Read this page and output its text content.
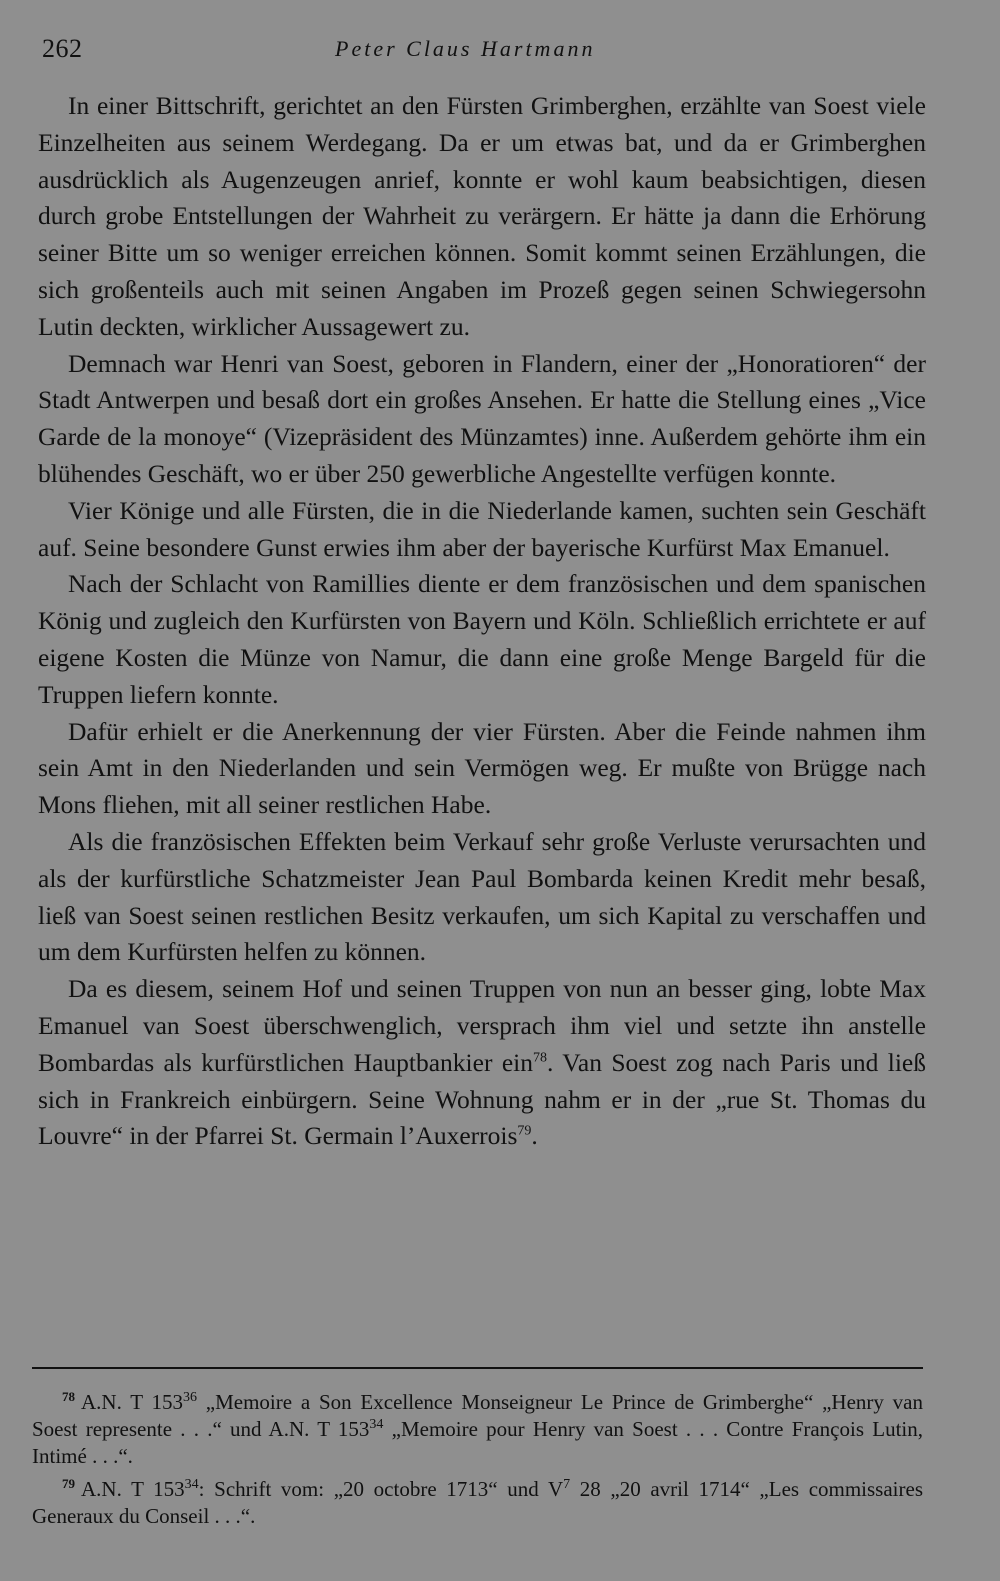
262	Peter Claus Hartmann

In einer Bittschrift, gerichtet an den Fürsten Grimberghen, erzählte van Soest viele Einzelheiten aus seinem Werdegang. Da er um etwas bat, und da er Grimberghen ausdrücklich als Augenzeugen anrief, konnte er wohl kaum beabsichtigen, diesen durch grobe Entstellungen der Wahrheit zu verärgern. Er hätte ja dann die Erhörung seiner Bitte um so weniger erreichen können. Somit kommt seinen Erzählungen, die sich großenteils auch mit seinen Angaben im Prozeß gegen seinen Schwiegersohn Lutin deckten, wirklicher Aussagewert zu.

Demnach war Henri van Soest, geboren in Flandern, einer der „Honoratioren“ der Stadt Antwerpen und besaß dort ein großes Ansehen. Er hatte die Stellung eines „Vice Garde de la monoye“ (Vizepräsident des Münzamtes) inne. Außerdem gehörte ihm ein blühendes Geschäft, wo er über 250 gewerbliche Angestellte verfügen konnte.

Vier Könige und alle Fürsten, die in die Niederlande kamen, suchten sein Geschäft auf. Seine besondere Gunst erwies ihm aber der bayerische Kurfürst Max Emanuel.

Nach der Schlacht von Ramillies diente er dem französischen und dem spanischen König und zugleich den Kurfürsten von Bayern und Köln. Schließlich errichtete er auf eigene Kosten die Münze von Namur, die dann eine große Menge Bargeld für die Truppen liefern konnte.

Dafür erhielt er die Anerkennung der vier Fürsten. Aber die Feinde nahmen ihm sein Amt in den Niederlanden und sein Vermögen weg. Er mußte von Brügge nach Mons fliehen, mit all seiner restlichen Habe.

Als die französischen Effekten beim Verkauf sehr große Verluste verursachten und als der kurfürstliche Schatzmeister Jean Paul Bombarda keinen Kredit mehr besaß, ließ van Soest seinen restlichen Besitz verkaufen, um sich Kapital zu verschaffen und um dem Kurfürsten helfen zu können.

Da es diesem, seinem Hof und seinen Truppen von nun an besser ging, lobte Max Emanuel van Soest überschwenglich, versprach ihm viel und setzte ihn anstelle Bombardas als kurfürstlichen Hauptbankier ein$^{78}$. Van Soest zog nach Paris und ließ sich in Frankreich einbürgern. Seine Wohnung nahm er in der „rue St. Thomas du Louvre“ in der Pfarrei St. Germain l’Auxerrois$^{79}$.

$^{78}$ A.N. T $153^{36}$ „Memoire a Son Excellence Monseigneur Le Prince de Grimberghe“ „Henry van Soest represente . . .“ und A.N. T $153^{34}$ „Memoire pour Henry van Soest . . . Contre François Lutin, Intimé . . .“.

$^{79}$ A.N. T $153^{34}$: Schrift vom: „20 octobre 1713“ und $V^7$ 28 „20 avril 1714“ „Les commissaires Generaux du Conseil . . .“.
